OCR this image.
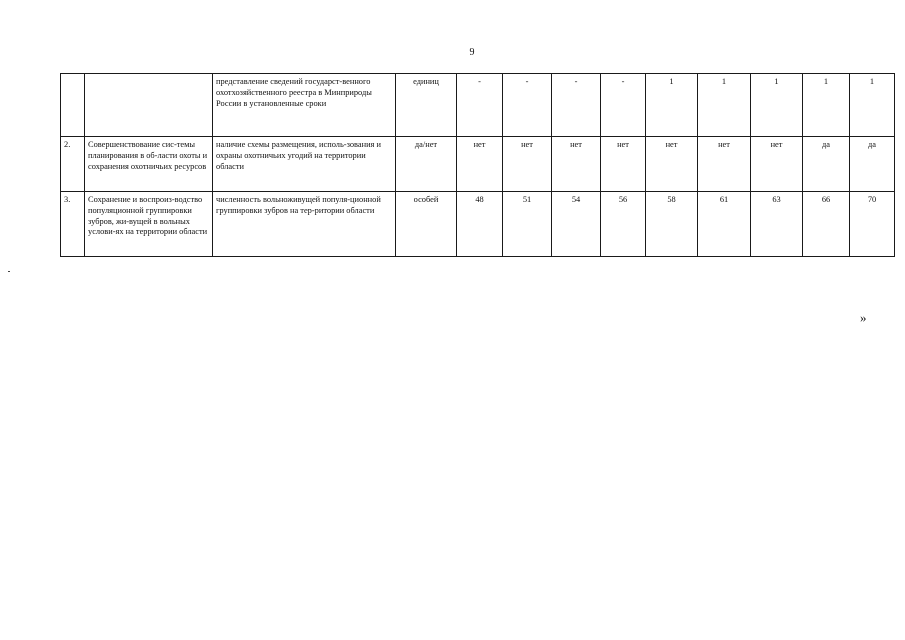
9
		представление сведений государст-венного охотхозяйственного реестра в Минприроды России в установленные сроки	единиц	-	-	-	-	1	1	1	1	1
2.	Совершенствование сис-темы планирования в об-ласти охоты и сохранения охотничьих ресурсов	наличие схемы размещения, исполь-зования и охраны охотничьих угодий на территории области	да/нет	нет	нет	нет	нет	нет	нет	нет	да	да
3.	Сохранение и воспроиз-водство популяционной группировки зубров, жи-вущей в вольных услови-ях на территории области	численность вольноживущей популя-ционной группировки зубров на тер-ритории области	особей	48	51	54	56	58	61	63	66	70
»
